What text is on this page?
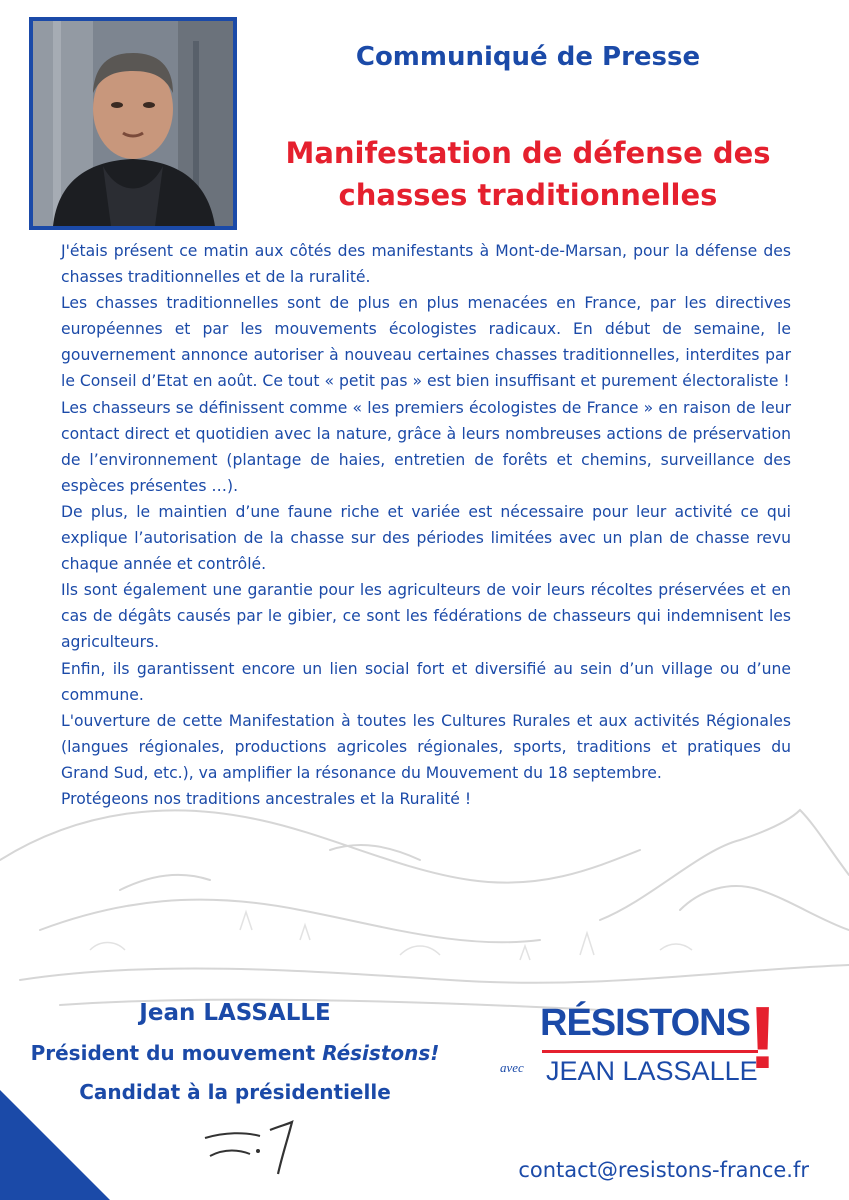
Communiqué de Presse
Manifestation de défense des
chasses traditionnelles

J'étais présent ce matin aux côtés des manifestants à Mont-de-Marsan, pour la défense des chasses traditionnelles et de la ruralité.

Les chasses traditionnelles sont de plus en plus menacées en France, par les directives européennes et par les mouvements écologistes radicaux. En début de semaine, le gouvernement annonce autoriser à nouveau certaines chasses traditionnelles, interdites par le Conseil d’Etat en août. Ce tout « petit pas » est bien insuffisant et purement électoraliste !

Les chasseurs se définissent comme « les premiers écologistes de France » en raison de leur contact direct et quotidien avec la nature, grâce à leurs nombreuses actions de préservation de l’environnement (plantage de haies, entretien de forêts et chemins, surveillance des espèces présentes …).

De plus, le maintien d’une faune riche et variée est nécessaire pour leur activité ce qui explique l’autorisation de la chasse sur des périodes limitées avec un plan de chasse revu chaque année et contrôlé.

Ils sont également une garantie pour les agriculteurs de voir leurs récoltes préservées et en cas de dégâts causés par le gibier, ce sont les fédérations de chasseurs qui indemnisent les agriculteurs.

Enfin, ils garantissent encore un lien social fort et diversifié au sein d’un village ou d’une commune.

L'ouverture de cette Manifestation à toutes les Cultures Rurales et aux activités Régionales (langues régionales, productions agricoles régionales, sports, traditions et pratiques du Grand Sud, etc.), va amplifier la résonance du Mouvement du 18 septembre.

Protégeons nos traditions ancestrales et la Ruralité !

Jean LASSALLE
Président du mouvement Résistons!
Candidat à la présidentielle
RÉSISTONS
avec JEAN LASSALLE
!
contact@resistons-france.fr
